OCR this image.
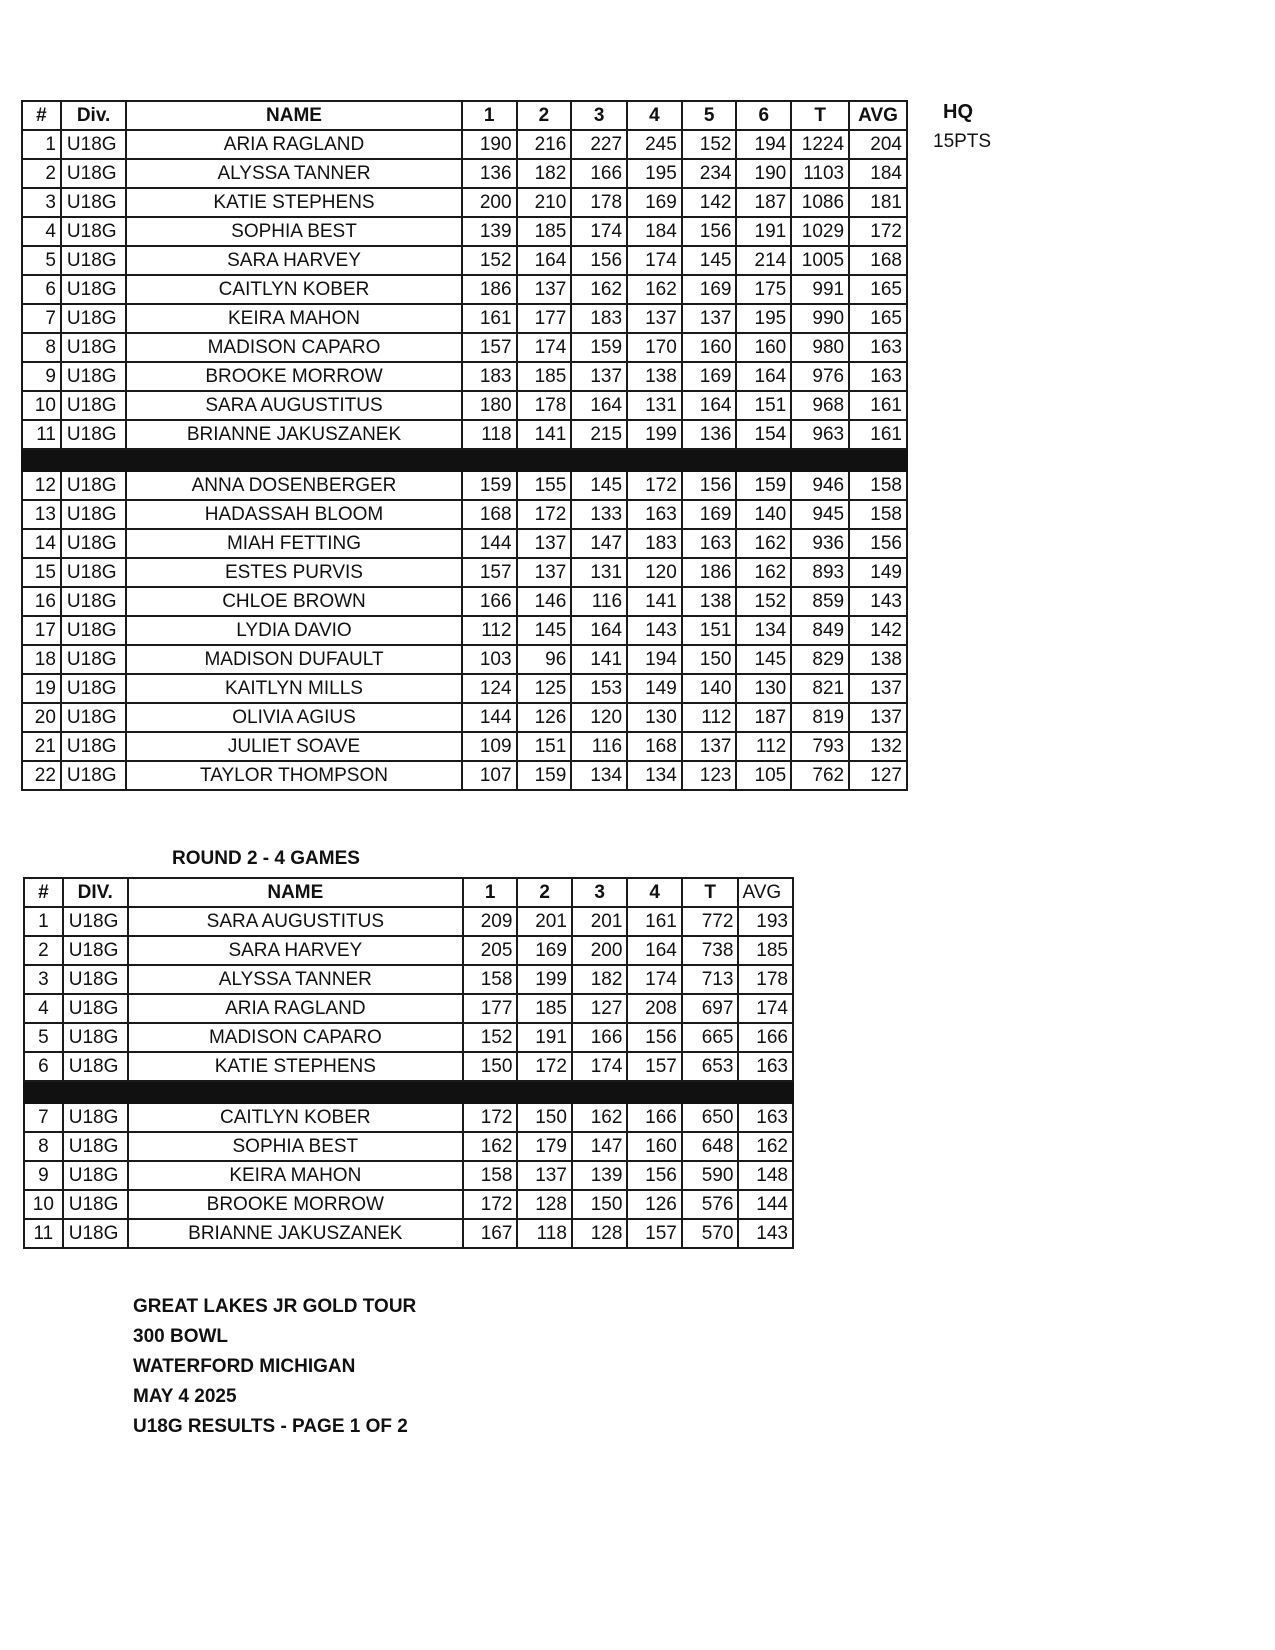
#	Div.	NAME	1	2	3	4	5	6	T	AVG
1	U18G	ARIA RAGLAND	190	216	227	245	152	194	1224	204
2	U18G	ALYSSA TANNER	136	182	166	195	234	190	1103	184
3	U18G	KATIE STEPHENS	200	210	178	169	142	187	1086	181
4	U18G	SOPHIA BEST	139	185	174	184	156	191	1029	172
5	U18G	SARA HARVEY	152	164	156	174	145	214	1005	168
6	U18G	CAITLYN KOBER	186	137	162	162	169	175	991	165
7	U18G	KEIRA MAHON	161	177	183	137	137	195	990	165
8	U18G	MADISON CAPARO	157	174	159	170	160	160	980	163
9	U18G	BROOKE MORROW	183	185	137	138	169	164	976	163
10	U18G	SARA AUGUSTITUS	180	178	164	131	164	151	968	161
11	U18G	BRIANNE JAKUSZANEK	118	141	215	199	136	154	963	161

12	U18G	ANNA DOSENBERGER	159	155	145	172	156	159	946	158
13	U18G	HADASSAH BLOOM	168	172	133	163	169	140	945	158
14	U18G	MIAH FETTING	144	137	147	183	163	162	936	156
15	U18G	ESTES PURVIS	157	137	131	120	186	162	893	149
16	U18G	CHLOE BROWN	166	146	116	141	138	152	859	143
17	U18G	LYDIA DAVIO	112	145	164	143	151	134	849	142
18	U18G	MADISON DUFAULT	103	96	141	194	150	145	829	138
19	U18G	KAITLYN MILLS	124	125	153	149	140	130	821	137
20	U18G	OLIVIA AGIUS	144	126	120	130	112	187	819	137
21	U18G	JULIET SOAVE	109	151	116	168	137	112	793	132
22	U18G	TAYLOR THOMPSON	107	159	134	134	123	105	762	127
HQ
15PTS
ROUND 2 - 4 GAMES
#	DIV.	NAME	1	2	3	4	T	AVG
1	U18G	SARA AUGUSTITUS	209	201	201	161	772	193
2	U18G	SARA HARVEY	205	169	200	164	738	185
3	U18G	ALYSSA TANNER	158	199	182	174	713	178
4	U18G	ARIA RAGLAND	177	185	127	208	697	174
5	U18G	MADISON CAPARO	152	191	166	156	665	166
6	U18G	KATIE STEPHENS	150	172	174	157	653	163

7	U18G	CAITLYN KOBER	172	150	162	166	650	163
8	U18G	SOPHIA BEST	162	179	147	160	648	162
9	U18G	KEIRA MAHON	158	137	139	156	590	148
10	U18G	BROOKE MORROW	172	128	150	126	576	144
11	U18G	BRIANNE JAKUSZANEK	167	118	128	157	570	143
GREAT LAKES JR GOLD TOUR
300 BOWL
WATERFORD MICHIGAN
MAY 4 2025
U18G RESULTS - PAGE 1 OF 2
